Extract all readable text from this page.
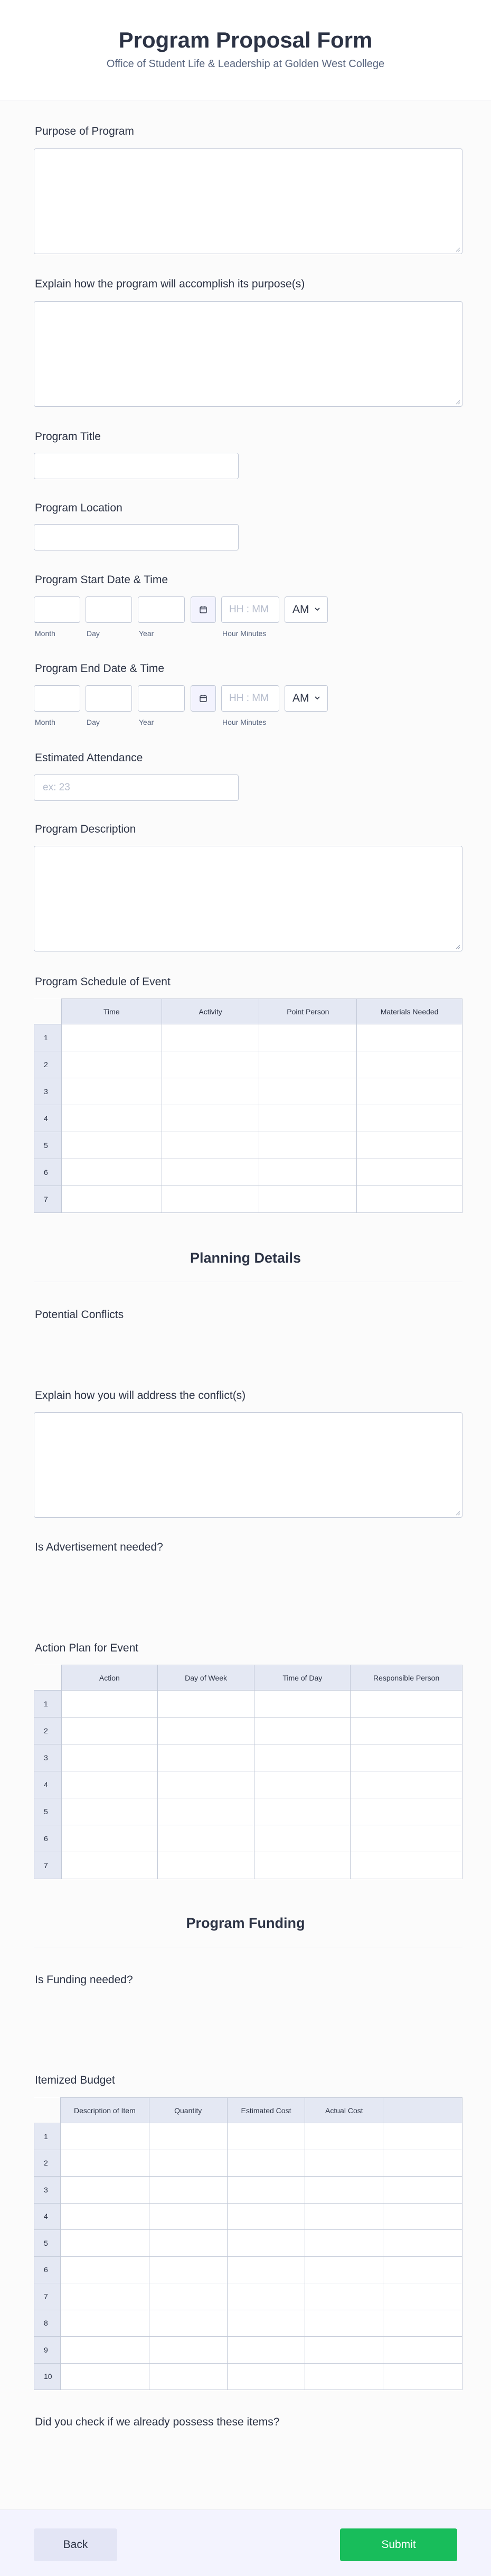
Program Proposal Form
Office of Student Life & Leadership at Golden West College
Purpose of Program
Explain how the program will accomplish its purpose(s)
Program Title
Program Location
Program Start Date & Time
HH : MM	AM
Month	Day	Year	Hour Minutes
Program End Date & Time
HH : MM	AM
Month	Day	Year	Hour Minutes
Estimated Attendance
ex: 23
Program Description
Program Schedule of Event
	Time	Activity	Point Person	Materials Needed
1				
2				
3				
4				
5				
6				
7				
Planning Details
Potential Conflicts
Explain how you will address the conflict(s)
Is Advertisement needed?
Action Plan for Event
	Action	Day of Week	Time of Day	Responsible Person
1				
2				
3				
4				
5				
6				
7				
Program Funding
Is Funding needed?
Itemized Budget
	Description of Item	Quantity	Estimated Cost	Actual Cost	
1					
2					
3					
4					
5					
6					
7					
8					
9					
10					
Did you check if we already possess these items?
Back	Submit
